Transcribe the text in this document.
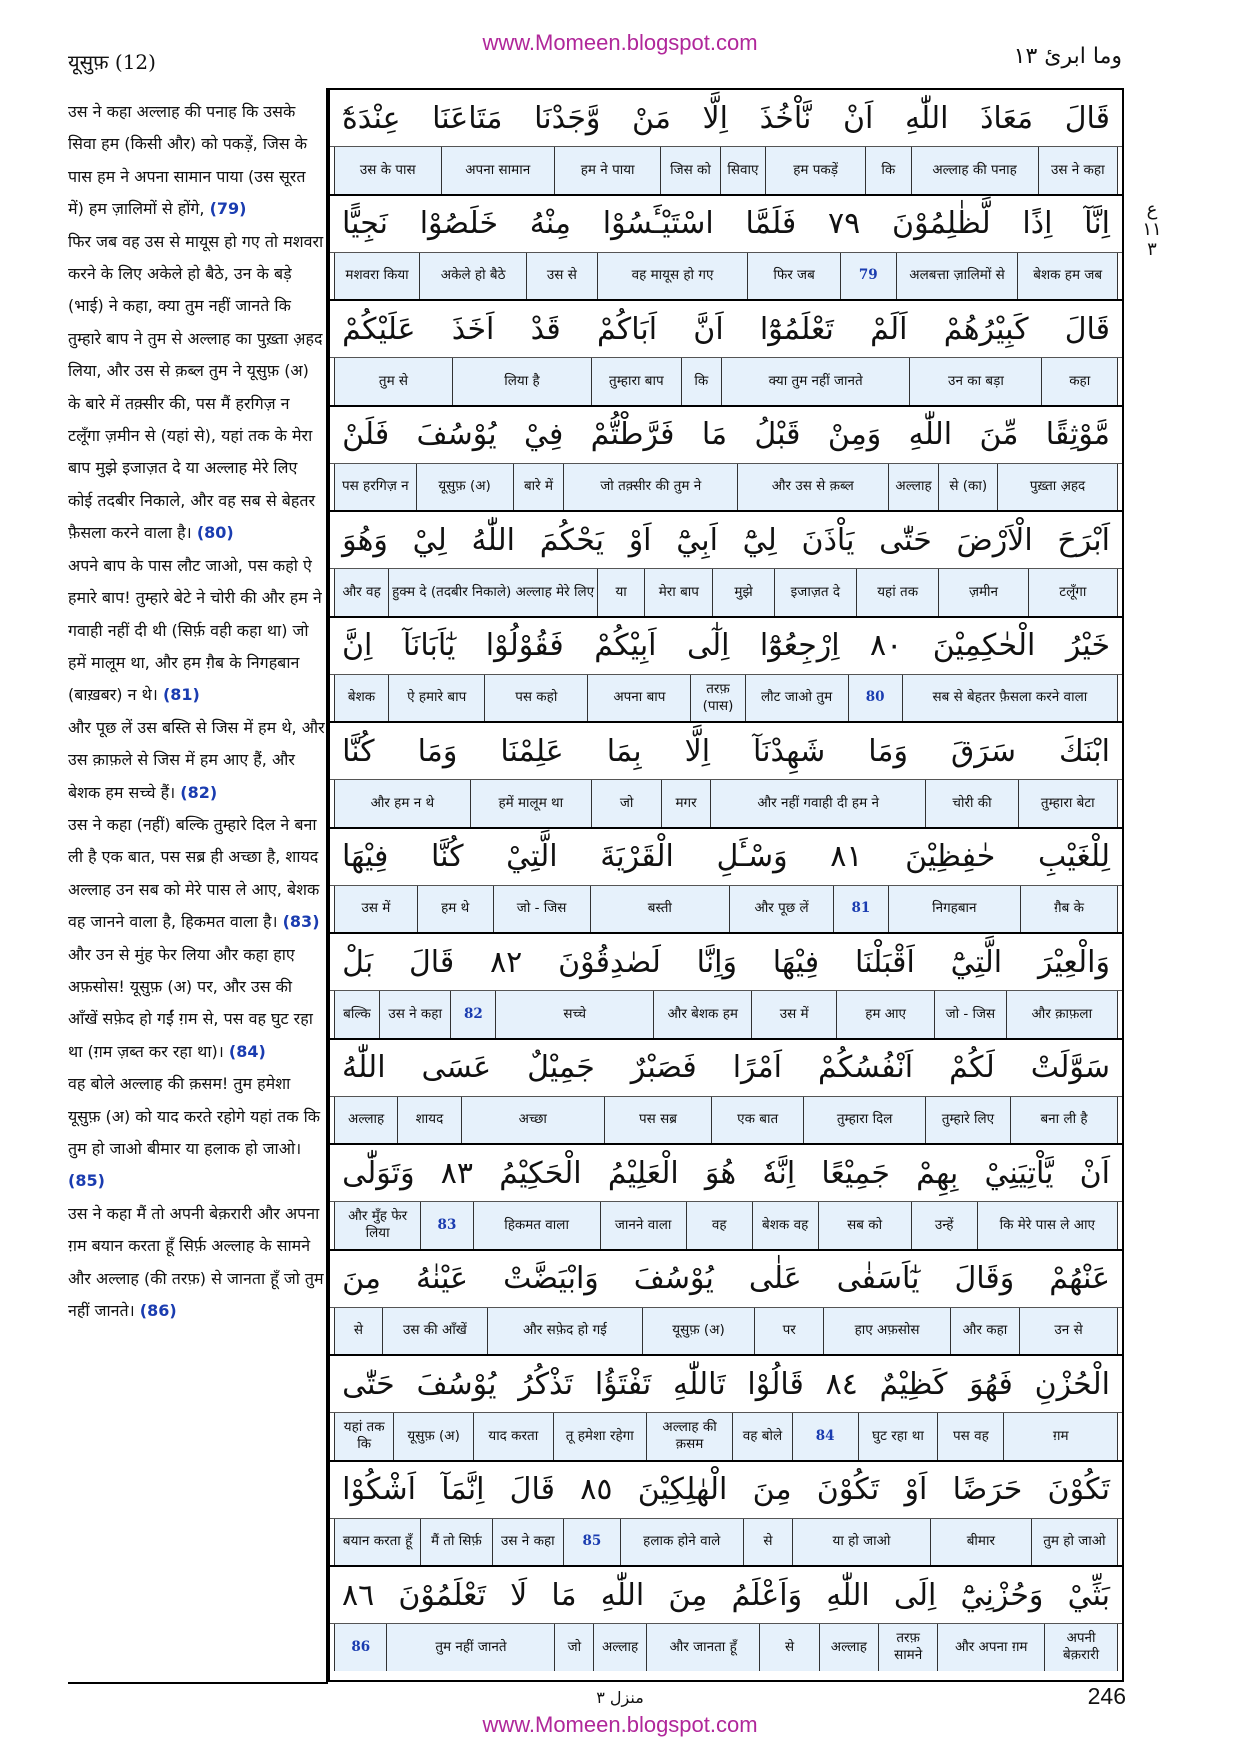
www.Momeen.blogspot.com
यूसुफ़ (12)	وما ابرئ ١٣

उस ने कहा अल्लाह की पनाह कि उसके सिवा हम (किसी और) को पकड़ें, जिस के पास हम ने अपना सामान पाया (उस सूरत में) हम ज़ालिमों से होंगे, (79)

फिर जब वह उस से मायूस हो गए तो मशवरा करने के लिए अकेले हो बैठे, उन के बड़े (भाई) ने कहा, क्या तुम नहीं जानते कि तुम्हारे बाप ने तुम से अल्लाह का पुख़्ता अ़हद लिया, और उस से क़ब्ल तुम ने यूसुफ़ (अ) के बारे में तक़्सीर की, पस मैं हरगिज़ न टलूँगा ज़मीन से (यहां से), यहां तक के मेरा बाप मुझे इजाज़त दे या अल्लाह मेरे लिए कोई तदबीर निकाले, और वह सब से बेहतर फ़ैसला करने वाला है। (80)

अपने बाप के पास लौट जाओ, पस कहो ऐ हमारे बाप! तुम्हारे बेटे ने चोरी की और हम ने गवाही नहीं दी थी (सिर्फ़ वही कहा था) जो हमें मालूम था, और हम ग़ैब के निगहबान (बाख़बर) न थे। (81)

और पूछ लें उस बस्ति से जिस में हम थे, और उस क़ाफ़ले से जिस में हम आए हैं, और बेशक हम सच्चे हैं। (82)

उस ने कहा (नहीं) बल्कि तुम्हारे दिल ने बना ली है एक बात, पस सब्र ही अच्छा है, शायद अल्लाह उन सब को मेरे पास ले आए, बेशक वह जानने वाला है, हिकमत वाला है। (83)

और उन से मुंह फेर लिया और कहा हाए अफ़सोस! यूसुफ़ (अ) पर, और उस की आँखें सफ़ेद हो गईं ग़म से, पस वह घुट रहा था (ग़म ज़ब्त कर रहा था)। (84)

वह बोले अल्लाह की क़सम! तुम हमेशा यूसुफ़ (अ) को याद करते रहोगे यहां तक कि तुम हो जाओ बीमार या हलाक हो जाओ। (85)

उस ने कहा मैं तो अपनी बेक़रारी और अपना ग़म बयान करता हूँ सिर्फ़ अल्लाह के सामने और अल्लाह (की तरफ़) से जानता हूँ जो तुम नहीं जानते। (86)

قَالَ
مَعَاذَ
اللّٰهِ
اَنْ
نَّاْخُذَ
اِلَّا
مَنْ
وَّجَدْنَا
مَتَاعَنَا
عِنْدَهٗٓ
उस ने कहा
अल्लाह की पनाह
कि
हम पकड़ें
सिवाए
जिस को
हम ने पाया
अपना सामान
उस के पास
اِنَّآ
اِذًا
لَّظٰلِمُوْنَ
٧٩
فَلَمَّا
اسْتَيْـَٔسُوْا
مِنْهُ
خَلَصُوْا
نَجِيًّا
बेशक हम जब
अलबत्ता ज़ालिमों से
79
फिर जब
वह मायूस हो गए
उस से
अकेले हो बैठे
मशवरा किया
قَالَ
كَبِيْرُهُمْ
اَلَمْ
تَعْلَمُوْٓا
اَنَّ
اَبَاكُمْ
قَدْ
اَخَذَ
عَلَيْكُمْ
कहा
उन का बड़ा
क्या तुम नहीं जानते
कि
तुम्हारा बाप
लिया है
तुम से
مَّوْثِقًا
مِّنَ
اللّٰهِ
وَمِنْ
قَبْلُ
مَا
فَرَّطْتُّمْ
فِيْ
يُوْسُفَ
فَلَنْ
पुख़्ता अ़हद
से (का)
अल्लाह
और उस से क़ब्ल
जो तक़्सीर की तुम ने
बारे में
यूसुफ़ (अ)
पस हरगिज़ न
اَبْرَحَ
الْاَرْضَ
حَتّٰى
يَاْذَنَ
لِيْٓ
اَبِيْٓ
اَوْ
يَحْكُمَ
اللّٰهُ
لِيْ
وَهُوَ
टलूँगा
ज़मीन
यहां तक
इजाज़त दे
मुझे
मेरा बाप
या
हुक्म दे (तदबीर निकाले) अल्लाह मेरे लिए
और वह
خَيْرُ
الْحٰكِمِيْنَ
٨٠
اِرْجِعُوْٓا
اِلٰٓى
اَبِيْكُمْ
فَقُوْلُوْا
يٰٓاَبَانَآ
اِنَّ
सब से बेहतर फ़ैसला करने वाला
80
लौट जाओ तुम
तरफ़ (पास)
अपना बाप
पस कहो
ऐ हमारे बाप
बेशक
ابْنَكَ
سَرَقَ
وَمَا
شَهِدْنَآ
اِلَّا
بِمَا
عَلِمْنَا
وَمَا
كُنَّا
तुम्हारा बेटा
चोरी की
और नहीं गवाही दी हम ने
मगर
जो
हमें मालूम था
और हम न थे
لِلْغَيْبِ
حٰفِظِيْنَ
٨١
وَسْـَٔلِ
الْقَرْيَةَ
الَّتِيْ
كُنَّا
فِيْهَا
ग़ैब के
निगहबान
81
और पूछ लें
बस्ती
जो - जिस
हम थे
उस में
وَالْعِيْرَ
الَّتِيْٓ
اَقْبَلْنَا
فِيْهَا
وَاِنَّا
لَصٰدِقُوْنَ
٨٢
قَالَ
بَلْ
और क़ाफ़ला
जो - जिस
हम आए
उस में
और बेशक हम
सच्चे
82
उस ने कहा
बल्कि
سَوَّلَتْ
لَكُمْ
اَنْفُسُكُمْ
اَمْرًا
فَصَبْرٌ
جَمِيْلٌ
عَسَى
اللّٰهُ
बना ली है
तुम्हारे लिए
तुम्हारा दिल
एक बात
पस सब्र
अच्छा
शायद
अल्लाह
اَنْ
يَّاْتِيَنِيْ
بِهِمْ
جَمِيْعًا
اِنَّهٗ
هُوَ
الْعَلِيْمُ
الْحَكِيْمُ
٨٣
وَتَوَلّٰى
कि मेरे पास ले आए
उन्हें
सब को
बेशक वह
वह
जानने वाला
हिकमत वाला
83
और मुँह फेर लिया
عَنْهُمْ
وَقَالَ
يٰٓاَسَفٰى
عَلٰى
يُوْسُفَ
وَابْيَضَّتْ
عَيْنٰهُ
مِنَ
उन से
और कहा
हाए अफ़सोस
पर
यूसुफ़ (अ)
और सफ़ेद हो गई
उस की आँखें
से
الْحُزْنِ
فَهُوَ
كَظِيْمٌ
٨٤
قَالُوْا
تَاللّٰهِ
تَفْتَؤُا
تَذْكُرُ
يُوْسُفَ
حَتّٰى
ग़म
पस वह
घुट रहा था
84
वह बोले
अल्लाह की क़सम
तू हमेशा रहेगा
याद करता
यूसुफ़ (अ)
यहां तक कि
تَكُوْنَ
حَرَضًا
اَوْ
تَكُوْنَ
مِنَ
الْهٰلِكِيْنَ
٨٥
قَالَ
اِنَّمَآ
اَشْكُوْا
तुम हो जाओ
बीमार
या हो जाओ
से
हलाक होने वाले
85
उस ने कहा
मैं तो सिर्फ़
बयान करता हूँ
بَثِّيْ
وَحُزْنِيْٓ
اِلَى
اللّٰهِ
وَاَعْلَمُ
مِنَ
اللّٰهِ
مَا
لَا
تَعْلَمُوْنَ
٨٦
अपनी बेक़रारी
और अपना ग़म
तरफ़ सामने
अल्लाह
से
और जानता हूँ
अल्लाह
जो
तुम नहीं जानते
86
ع ١١ ٣
منزل ٣	246
www.Momeen.blogspot.com
